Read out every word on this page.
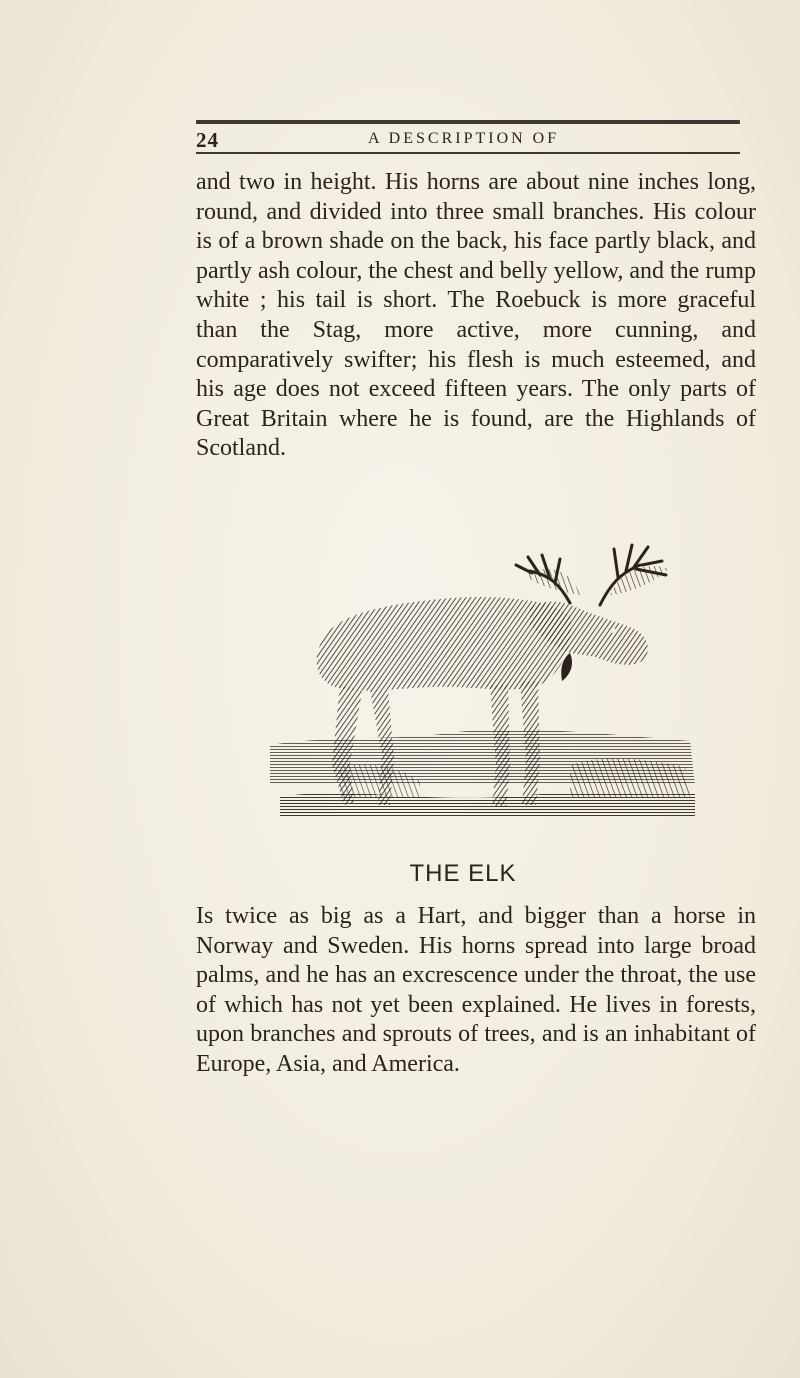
24	A DESCRIPTION OF

and two in height. His horns are about nine inches long, round, and divided into three small branches. His colour is of a brown shade on the back, his face partly black, and partly ash colour, the chest and belly yellow, and the rump white ; his tail is short. The Roebuck is more graceful than the Stag, more active, more cunning, and comparatively swifter; his flesh is much esteemed, and his age does not exceed fifteen years. The only parts of Great Britain where he is found, are the Highlands of Scotland.

THE ELK

Is twice as big as a Hart, and bigger than a horse in Norway and Sweden. His horns spread into large broad palms, and he has an excrescence under the throat, the use of which has not yet been explained. He lives in forests, upon branches and sprouts of trees, and is an inhabitant of Europe, Asia, and America.
